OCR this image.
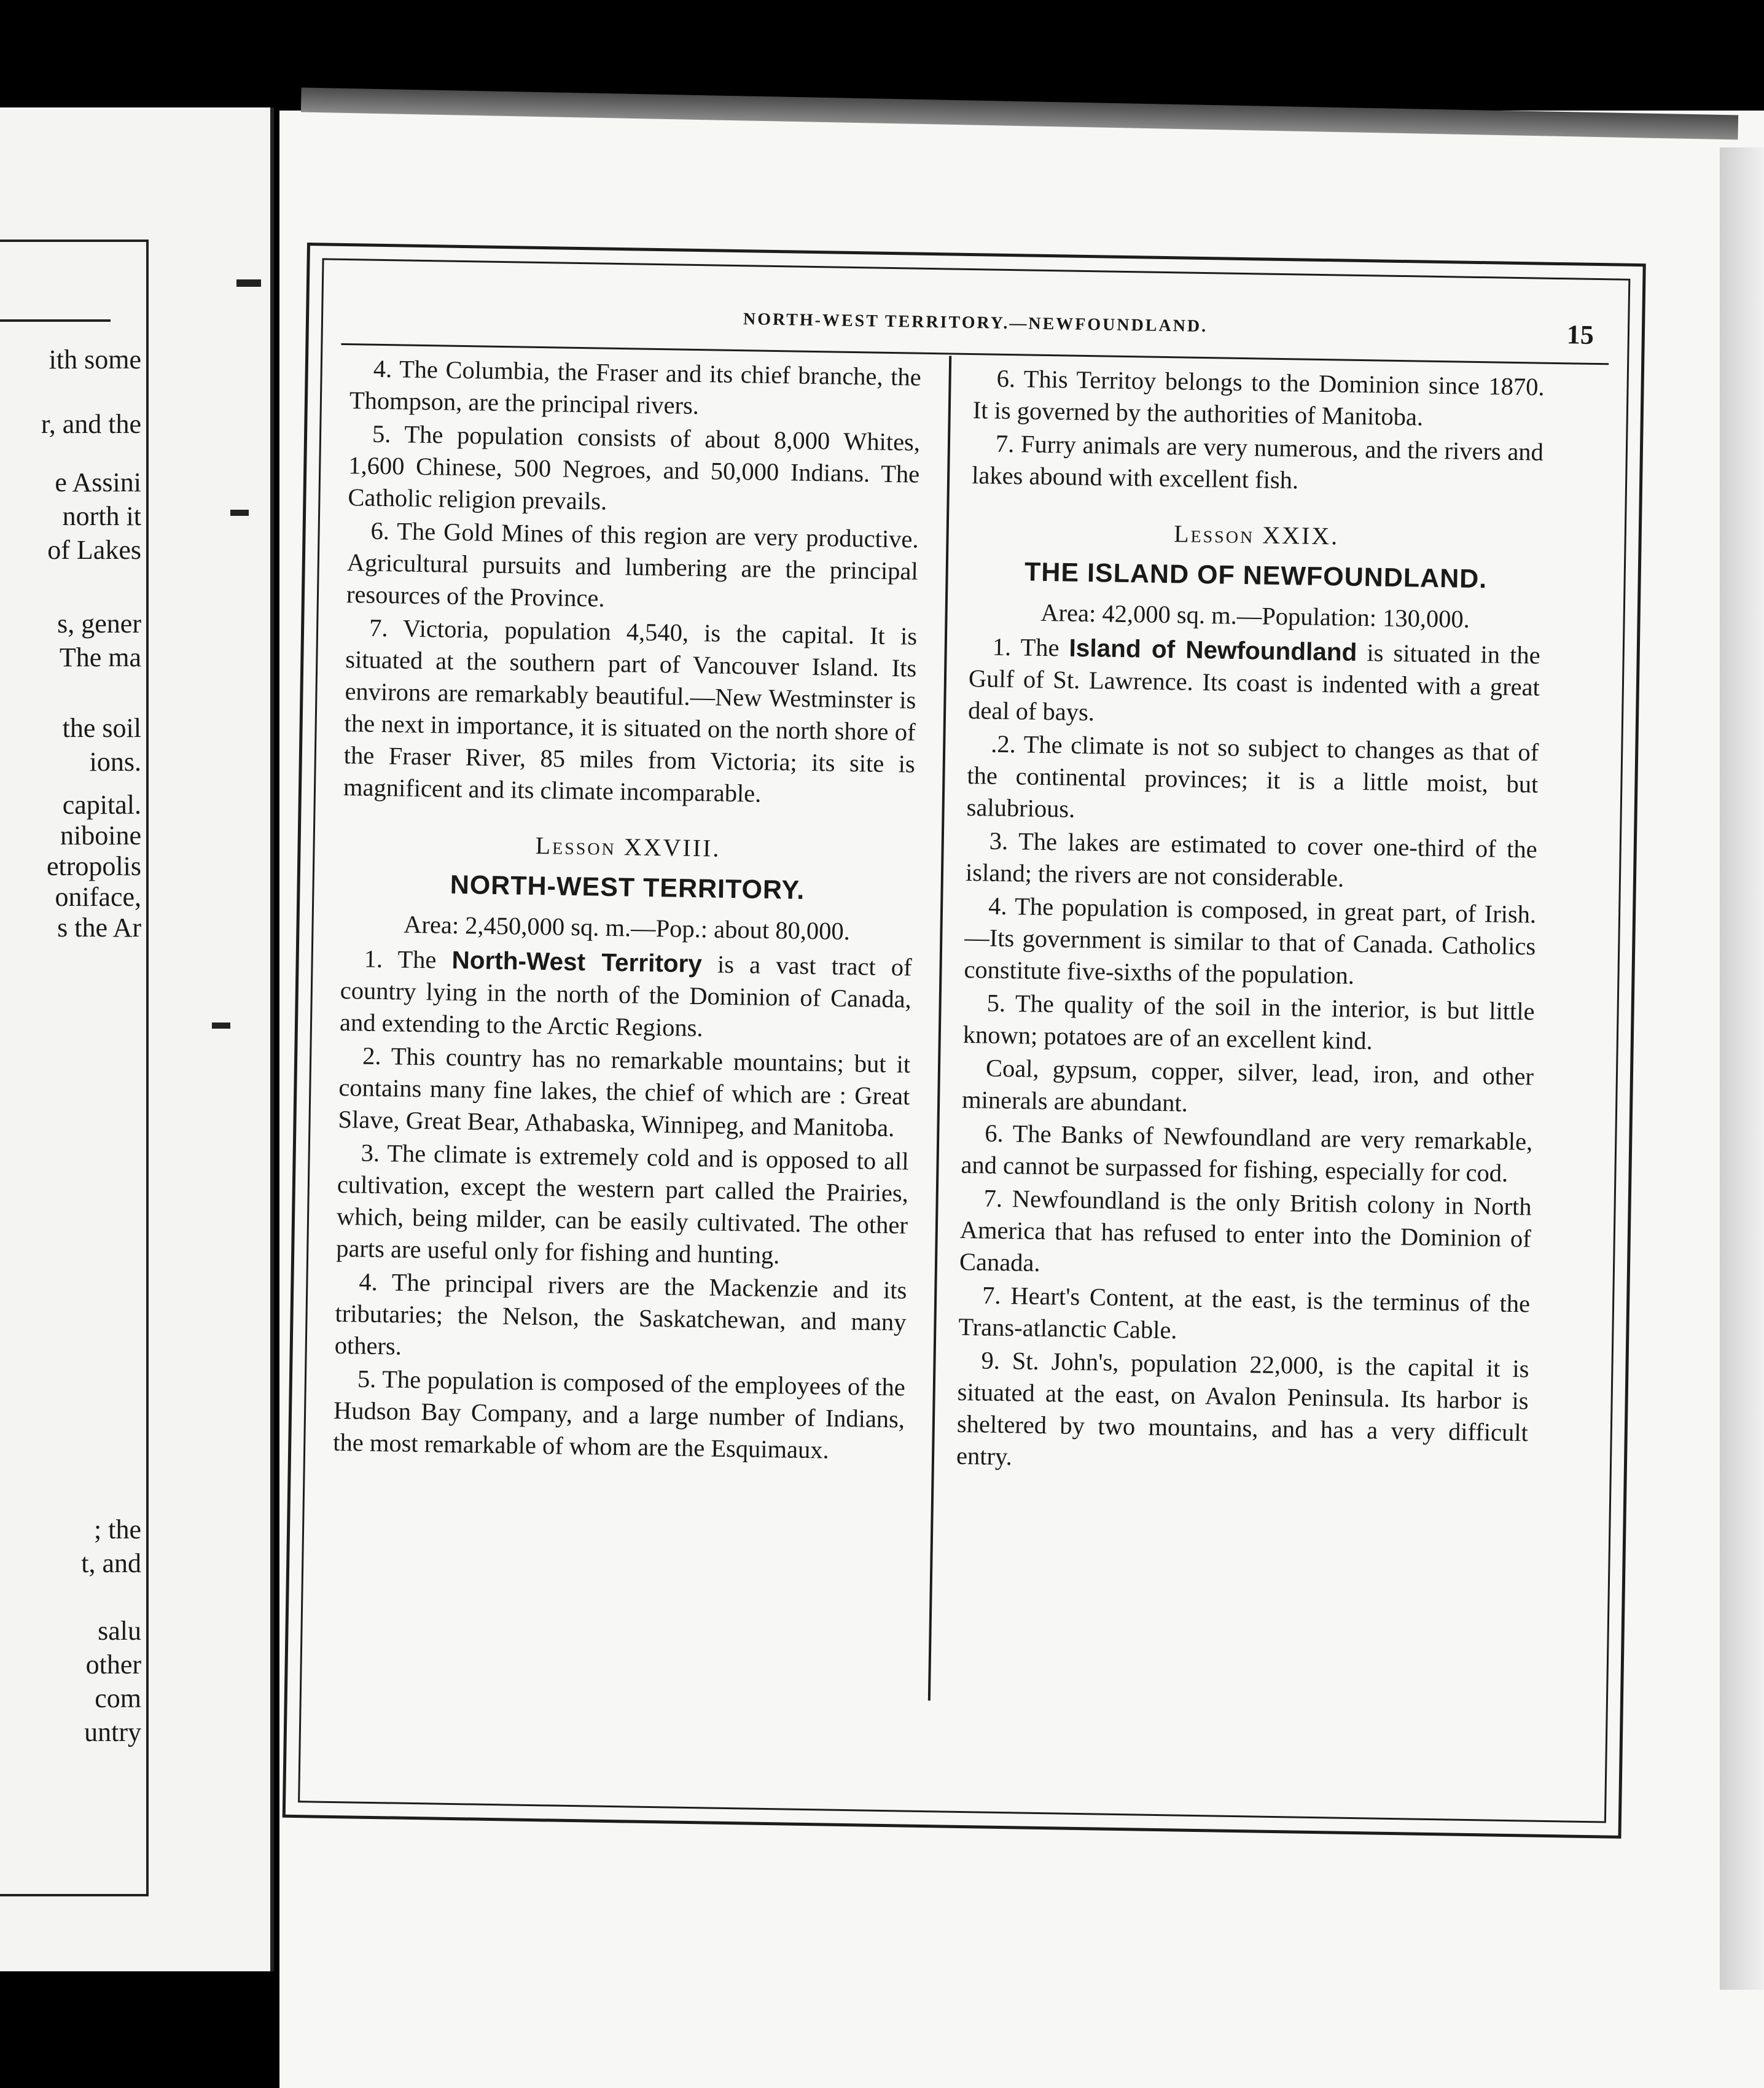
ith some
r, and the
e Assini
north it
of Lakes
s, gener
The ma
the soil
ions.
capital.
niboine
etropolis
oniface,
s the Ar
; the
t, and
salu
other
com
untry
NORTH-WEST TERRITORY.—NEWFOUNDLAND.	15

4. The Columbia, the Fraser and its chief branche, the Thompson, are the principal rivers.

5. The population consists of about 8,000 Whites, 1,600 Chinese, 500 Negroes, and 50,000 Indians. The Catholic religion prevails.

6. The Gold Mines of this region are very productive. Agricultural pursuits and lumbering are the principal resources of the Province.

7. Victoria, population 4,540, is the capital. It is situated at the southern part of Vancouver Island. Its environs are remarkably beautiful.—New Westminster is the next in importance, it is situated on the north shore of the Fraser River, 85 miles from Victoria; its site is magnificent and its climate incomparable.

Lesson XXVIII.

NORTH-WEST TERRITORY.

Area: 2,450,000 sq. m.—Pop.: about 80,000.

1. The North-West Territory is a vast tract of country lying in the north of the Dominion of Canada, and extending to the Arctic Regions.

2. This country has no remarkable mountains; but it contains many fine lakes, the chief of which are : Great Slave, Great Bear, Athabaska, Winnipeg, and Manitoba.

3. The climate is extremely cold and is opposed to all cultivation, except the western part called the Prairies, which, being milder, can be easily cultivated. The other parts are useful only for fishing and hunting.

4. The principal rivers are the Mackenzie and its tributaries; the Nelson, the Saskatchewan, and many others.

5. The population is composed of the employees of the Hudson Bay Company, and a large number of Indians, the most remarkable of whom are the Esquimaux.

6. This Territoy belongs to the Dominion since 1870. It is governed by the authorities of Manitoba.

7. Furry animals are very numerous, and the rivers and lakes abound with excellent fish.

Lesson XXIX.

THE ISLAND OF NEWFOUNDLAND.

Area: 42,000 sq. m.—Population: 130,000.

1. The Island of Newfoundland is situated in the Gulf of St. Lawrence. Its coast is indented with a great deal of bays.

.2. The climate is not so subject to changes as that of the continental provinces; it is a little moist, but salubrious.

3. The lakes are estimated to cover one-third of the island; the rivers are not considerable.

4. The population is composed, in great part, of Irish.—Its government is similar to that of Canada. Catholics constitute five-sixths of the population.

5. The quality of the soil in the interior, is but little known; potatoes are of an excellent kind.

Coal, gypsum, copper, silver, lead, iron, and other minerals are abundant.

6. The Banks of Newfoundland are very remarkable, and cannot be surpassed for fishing, especially for cod.

7. Newfoundland is the only British colony in North America that has refused to enter into the Dominion of Canada.

7. Heart's Content, at the east, is the terminus of the Trans-atlanctic Cable.

9. St. John's, population 22,000, is the capital it is situated at the east, on Avalon Peninsula. Its harbor is sheltered by two mountains, and has a very difficult entry.
